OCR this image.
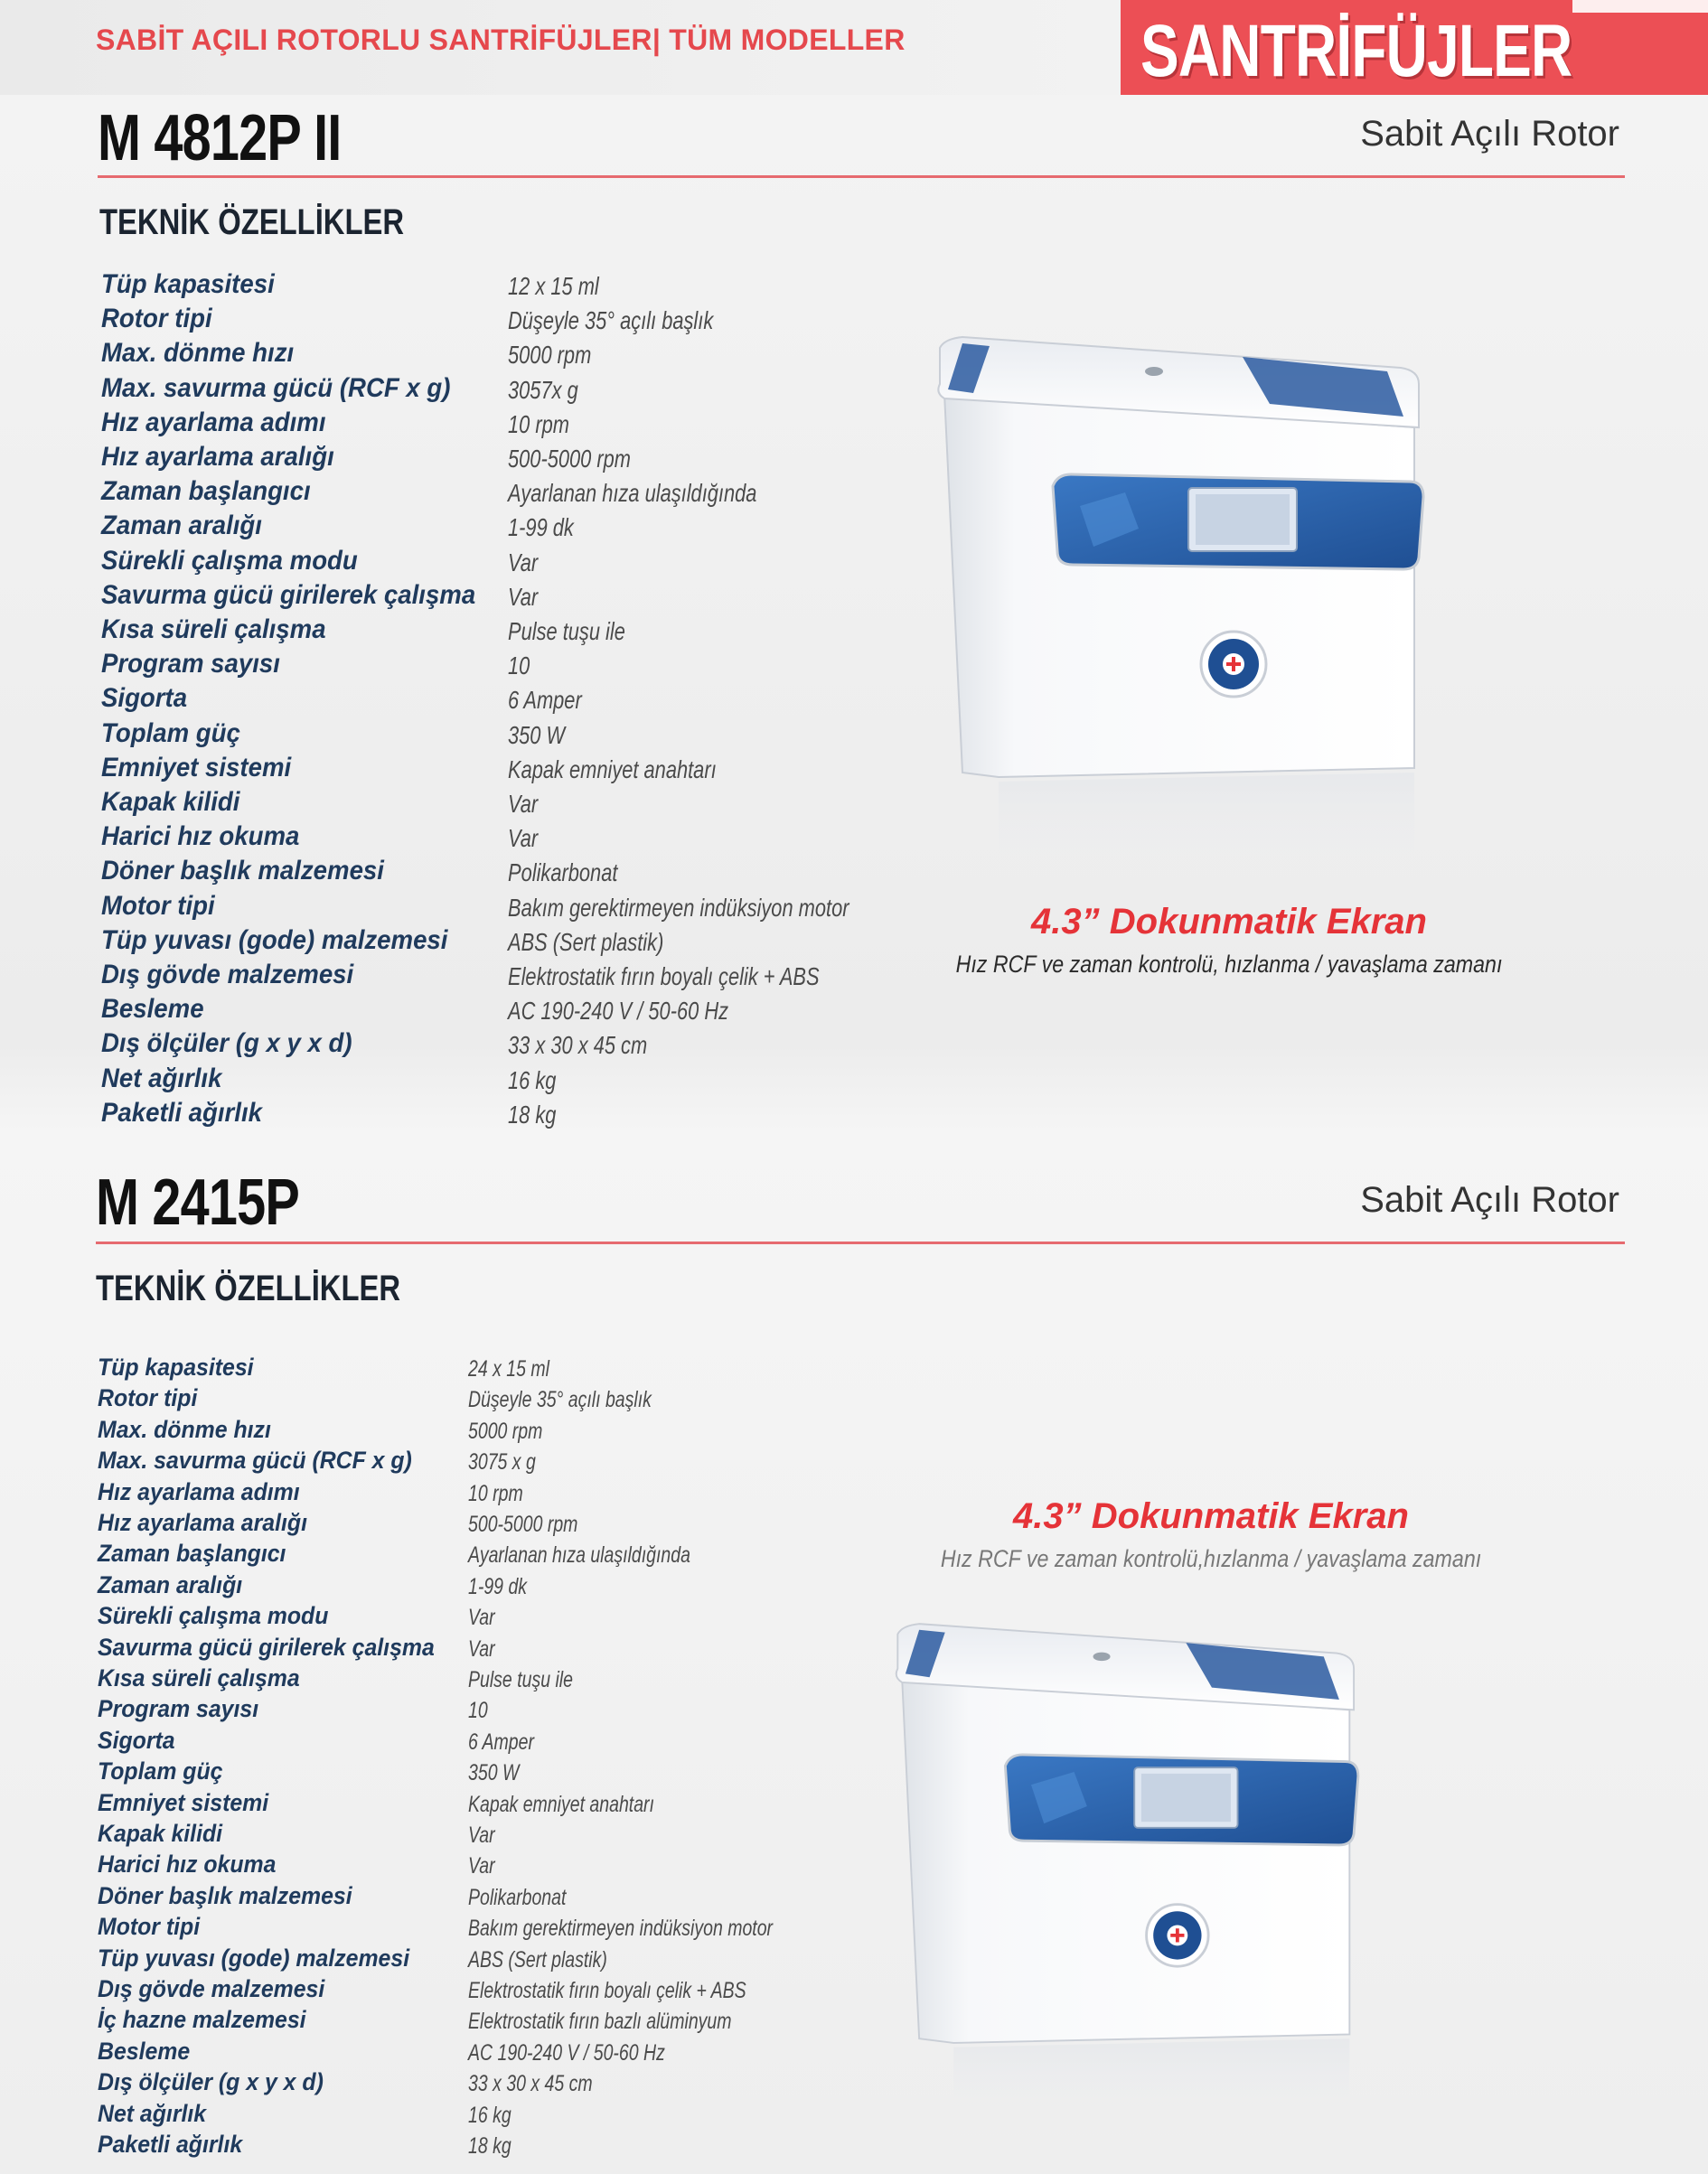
SABİT AÇILI ROTORLU SANTRİFÜJLER| TÜM MODELLER	SANTRİFÜJLER
M 4812P II	Sabit Açılı Rotor
TEKNİK ÖZELLİKLER
Tüp kapasitesi	12 x 15 ml
Rotor tipi	Düşeyle 35° açılı başlık
Max. dönme hızı	5000 rpm
Max. savurma gücü (RCF x g) 3057x g
Hız ayarlama adımı	10 rpm
Hız ayarlama aralığı	500-5000 rpm
Zaman başlangıcı	Ayarlanan hıza ulaşıldığında
Zaman aralığı	1-99 dk
Sürekli çalışma modu	Var
Savurma gücü girilerek çalışma Var
Kısa süreli çalışma	Pulse tuşu ile
Program sayısı	10
Sigorta	6 Amper
Toplam güç	350 W
Emniyet sistemi	Kapak emniyet anahtarı
Kapak kilidi	Var
Harici hız okuma	Var
Döner başlık malzemesi	Polikarbonat
Motor tipi	Bakım gerektirmeyen indüksiyon motor
Tüp yuvası (gode) malzemesi ABS (Sert plastik)
Dış gövde malzemesi	Elektrostatik fırın boyalı çelik + ABS
Besleme	AC 190-240 V / 50-60 Hz
Dış ölçüler (g x y x d)	33 x 30 x 45 cm
Net ağırlık	16 kg
Paketli ağırlık	18 kg
4.3” Dokunmatik Ekran
Hız RCF ve zaman kontrolü, hızlanma / yavaşlama zamanı
M 2415P	Sabit Açılı Rotor
TEKNİK ÖZELLİKLER
Tüp kapasitesi	24 x 15 ml
Rotor tipi	Düşeyle 35° açılı başlık
Max. dönme hızı	5000 rpm
Max. savurma gücü (RCF x g) 3075 x g
Hız ayarlama adımı	10 rpm
Hız ayarlama aralığı	500-5000 rpm
Zaman başlangıcı	Ayarlanan hıza ulaşıldığında
Zaman aralığı	1-99 dk
Sürekli çalışma modu	Var
Savurma gücü girilerek çalışma Var
Kısa süreli çalışma	Pulse tuşu ile
Program sayısı	10
Sigorta	6 Amper
Toplam güç	350 W
Emniyet sistemi	Kapak emniyet anahtarı
Kapak kilidi	Var
Harici hız okuma	Var
Döner başlık malzemesi	Polikarbonat
Motor tipi	Bakım gerektirmeyen indüksiyon motor
Tüp yuvası (gode) malzemesi	ABS (Sert plastik)
Dış gövde malzemesi	Elektrostatik fırın boyalı çelik + ABS
İç hazne malzemesi	Elektrostatik fırın bazlı alüminyum
Besleme	AC 190-240 V / 50-60 Hz
Dış ölçüler (g x y x d)	33 x 30 x 45 cm
Net ağırlık	16 kg
Paketli ağırlık	18 kg
4.3” Dokunmatik Ekran
Hız RCF ve zaman kontrolü,hızlanma / yavaşlama zamanı
